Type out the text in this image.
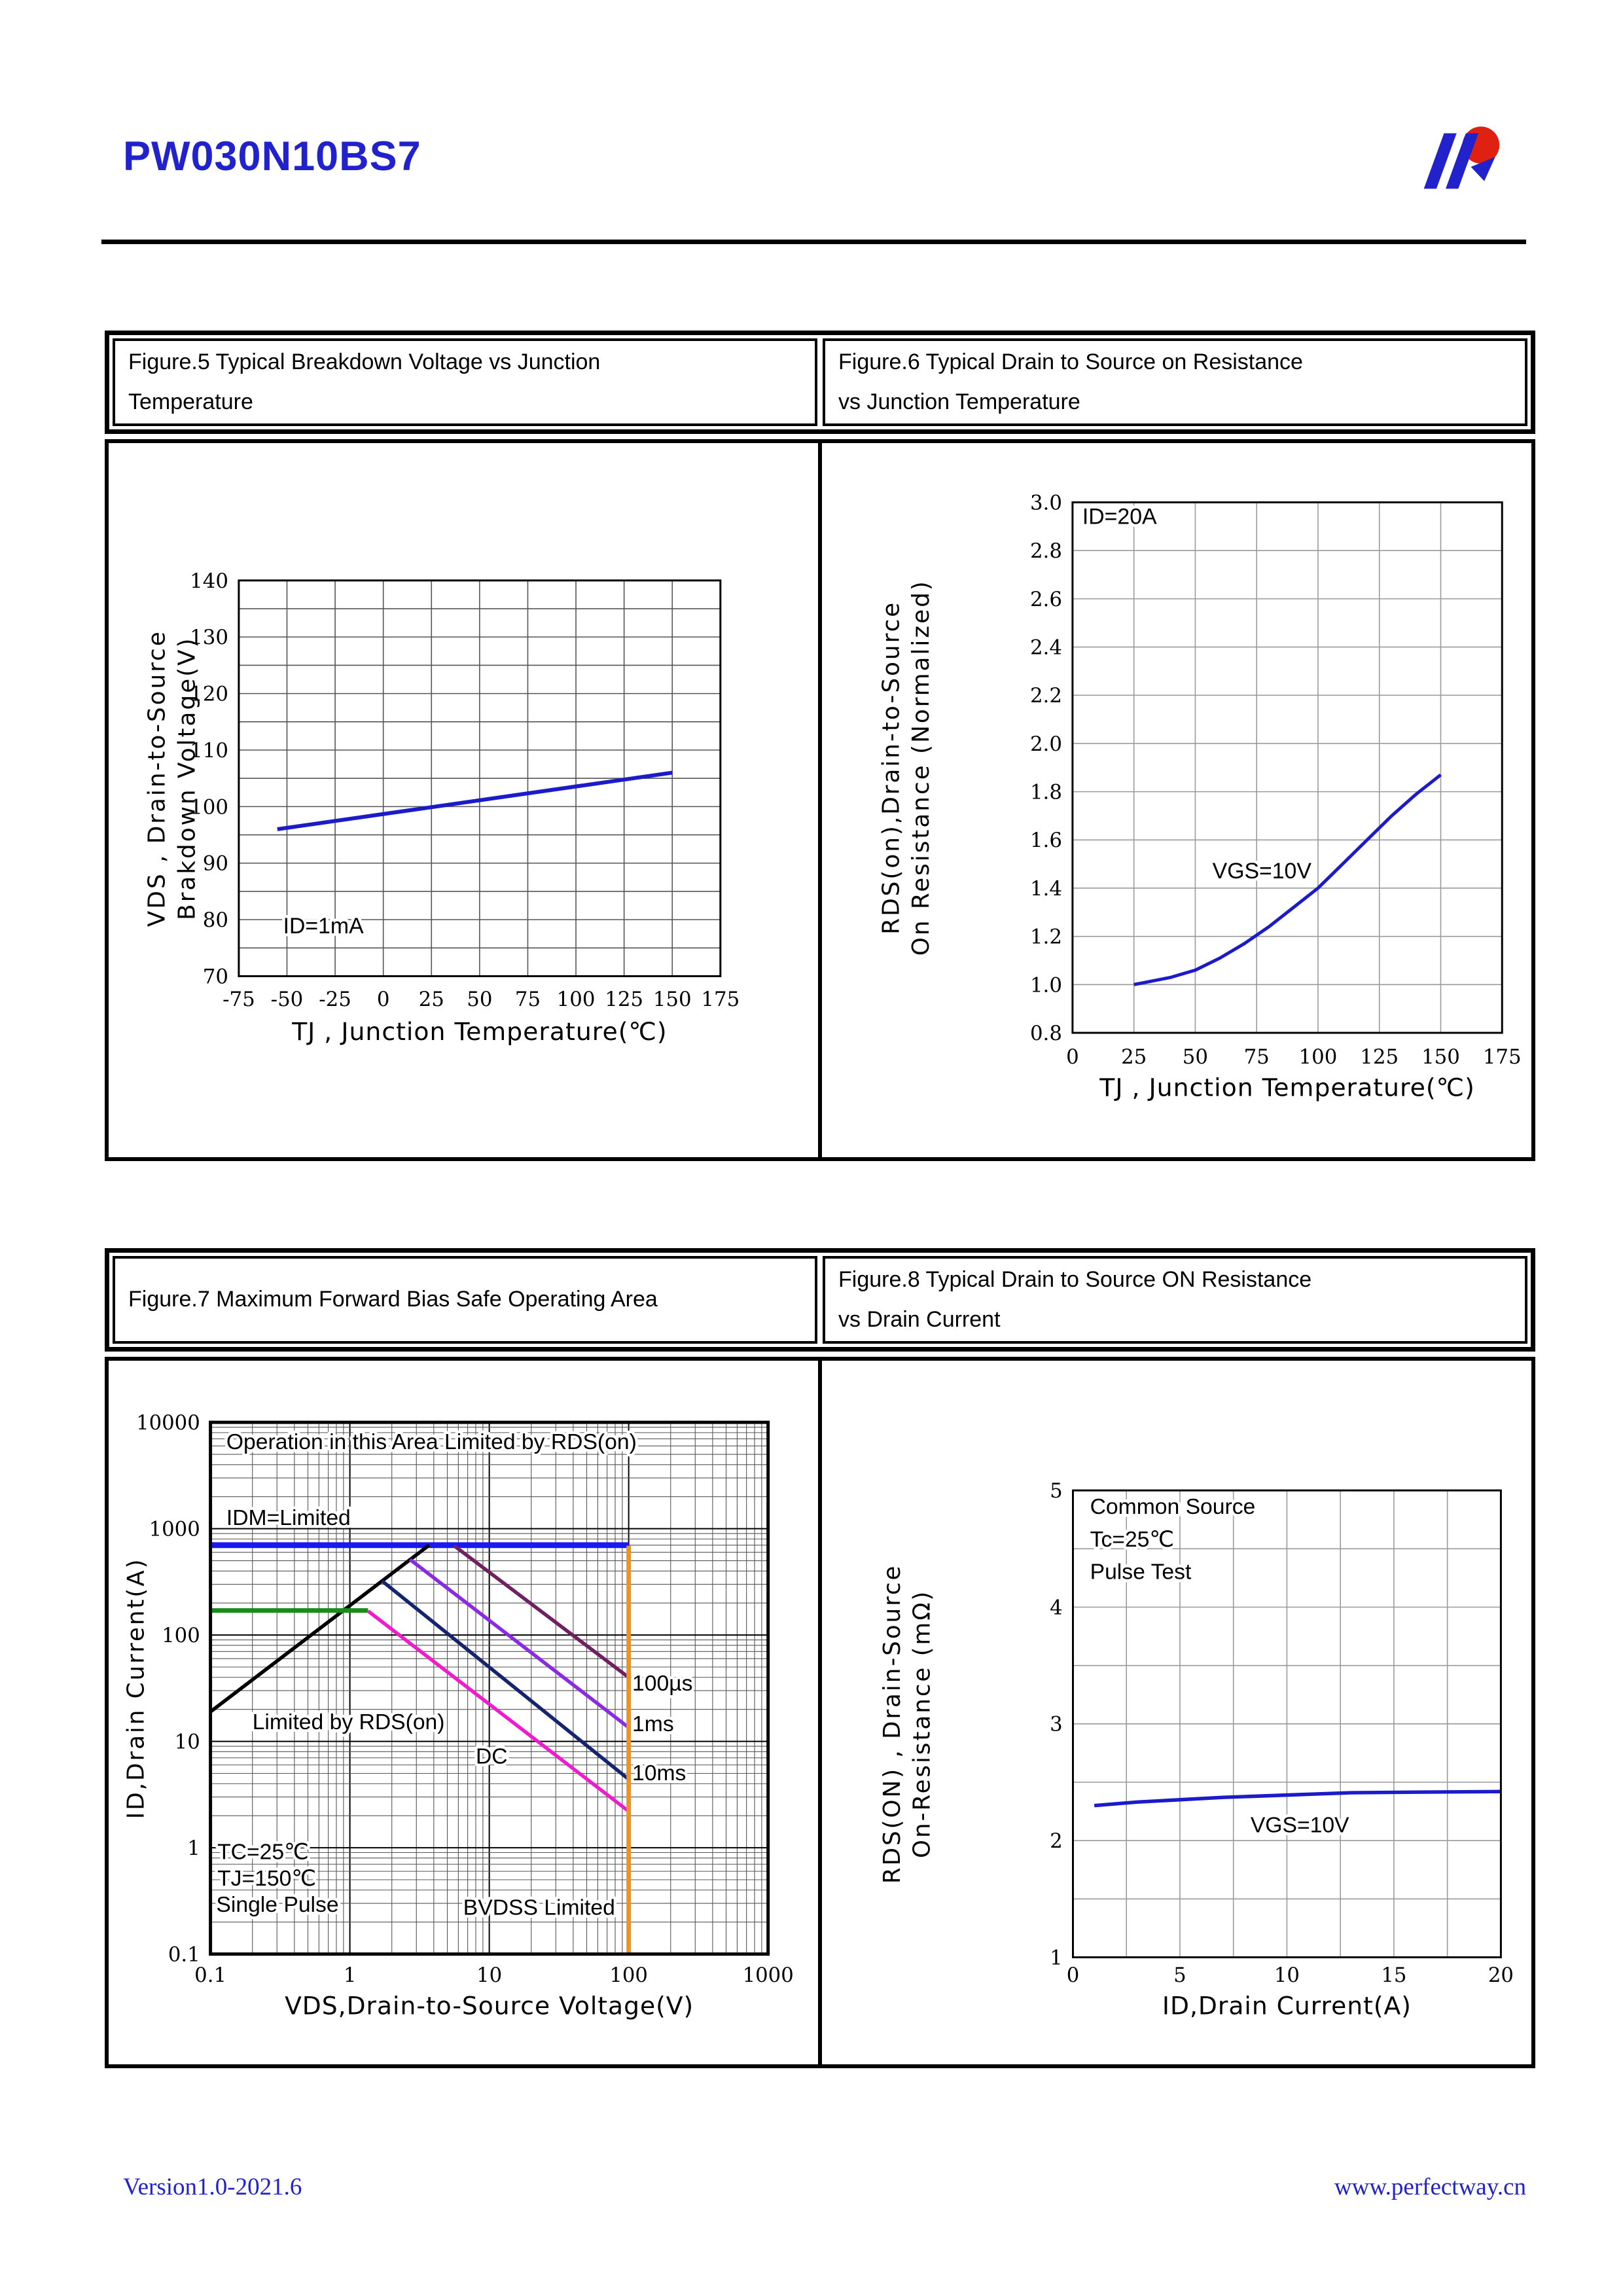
PW030N10BS7
Figure.5 Typical Breakdown Voltage vs Junction
Temperature
Figure.6 Typical Drain to Source on Resistance
vs Junction Temperature
-75 -50 -25 0 25 50 75 100 125 150 175
70
80
90
100
110
120
130
140
TJ , Junction Temperature(℃)
VDS , Drain-to-Source Brakdown Voltage(V)
ID=1mA
0 25 50 75 100 125 150 175
0.8
1.0
1.2
1.4
1.6
1.8
2.0
2.2
2.4
2.6
2.8
3.0
TJ , Junction Temperature(℃)
RDS(on),Drain-to-Source On Resistance (Normalized)
ID=20A
VGS=10V
Figure.7 Maximum Forward Bias Safe Operating Area
Figure.8 Typical Drain to Source ON Resistance
vs Drain Current
0.1	1	10	100	1000
0.1
1
10
100
1000
10000
VDS,Drain-to-Source Voltage(V)
ID,Drain Current(A)
Operation in this Area Limited by RDS(on)
IDM=Limited
Limited by RDS(on)
DC
100µs
1ms
10ms
TC=25℃
TJ=150℃
Single Pulse	BVDSS Limited
0	5	10	15	20
1
2
3
4
5
ID,Drain Current(A)
RDS(ON) , Drain-Source On-Resistance (mΩ)
Common Source
Tc=25℃
Pulse Test
VGS=10V
Version1.0-2021.6	www.perfectway.cn
